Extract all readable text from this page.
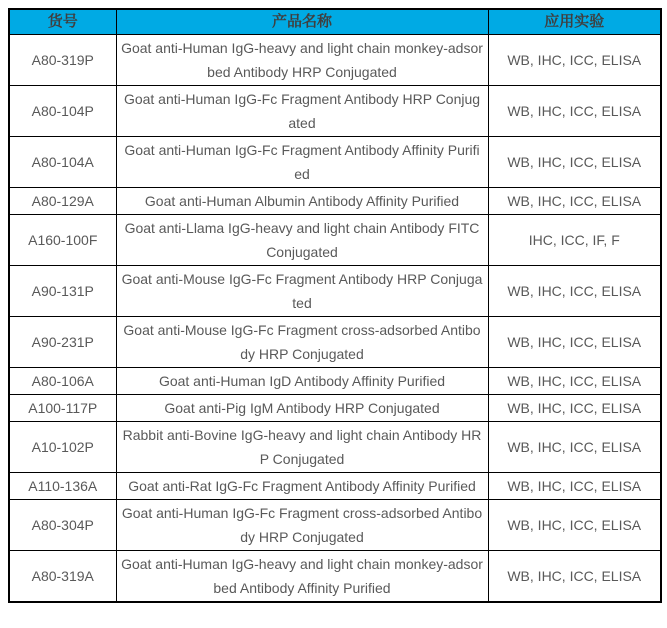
货号	产品名称	应用实验
A80-319P	Goat anti-Human IgG-heavy and light chain monkey-adsorbed Antibody HRP Conjugated	WB, IHC, ICC, ELISA
A80-104P	Goat anti-Human IgG-Fc Fragment Antibody HRP Conjugated	WB, IHC, ICC, ELISA
A80-104A	Goat anti-Human IgG-Fc Fragment Antibody Affinity Purified	WB, IHC, ICC, ELISA
A80-129A	Goat anti-Human Albumin Antibody Affinity Purified	WB, IHC, ICC, ELISA
A160-100F	Goat anti-Llama IgG-heavy and light chain Antibody FITC Conjugated	IHC, ICC, IF, F
A90-131P	Goat anti-Mouse IgG-Fc Fragment Antibody HRP Conjugated	WB, IHC, ICC, ELISA
A90-231P	Goat anti-Mouse IgG-Fc Fragment cross-adsorbed Antibody HRP Conjugated	WB, IHC, ICC, ELISA
A80-106A	Goat anti-Human IgD Antibody Affinity Purified	WB, IHC, ICC, ELISA
A100-117P	Goat anti-Pig IgM Antibody HRP Conjugated	WB, IHC, ICC, ELISA
A10-102P	Rabbit anti-Bovine IgG-heavy and light chain Antibody HRP Conjugated	WB, IHC, ICC, ELISA
A110-136A	Goat anti-Rat IgG-Fc Fragment Antibody Affinity Purified	WB, IHC, ICC, ELISA
A80-304P	Goat anti-Human IgG-Fc Fragment cross-adsorbed Antibody HRP Conjugated	WB, IHC, ICC, ELISA
A80-319A	Goat anti-Human IgG-heavy and light chain monkey-adsorbed Antibody Affinity Purified	WB, IHC, ICC, ELISA
